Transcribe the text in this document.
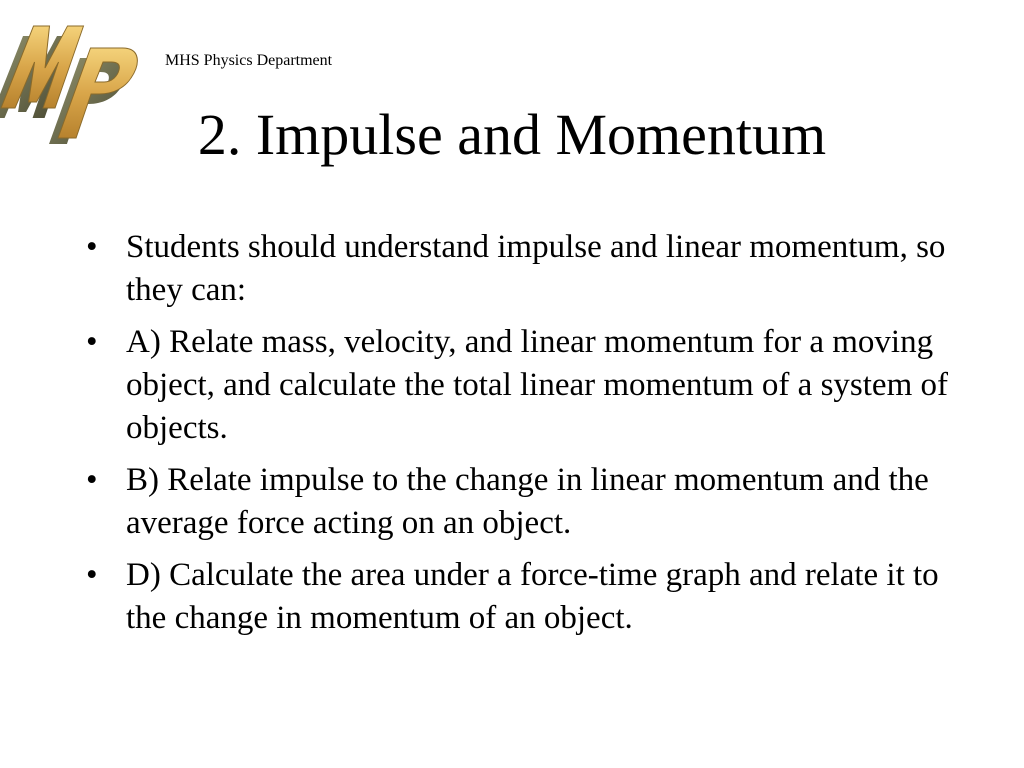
MHS Physics Department
2. Impulse and Momentum
• Students should understand impulse and linear momentum, so they can:
• A) Relate mass, velocity, and linear momentum for a moving object, and calculate the total linear momentum of a system of objects.
• B) Relate impulse to the change in linear momentum and the average force acting on an object.
• D) Calculate the area under a force-time graph and relate it to the change in momentum of an object.
